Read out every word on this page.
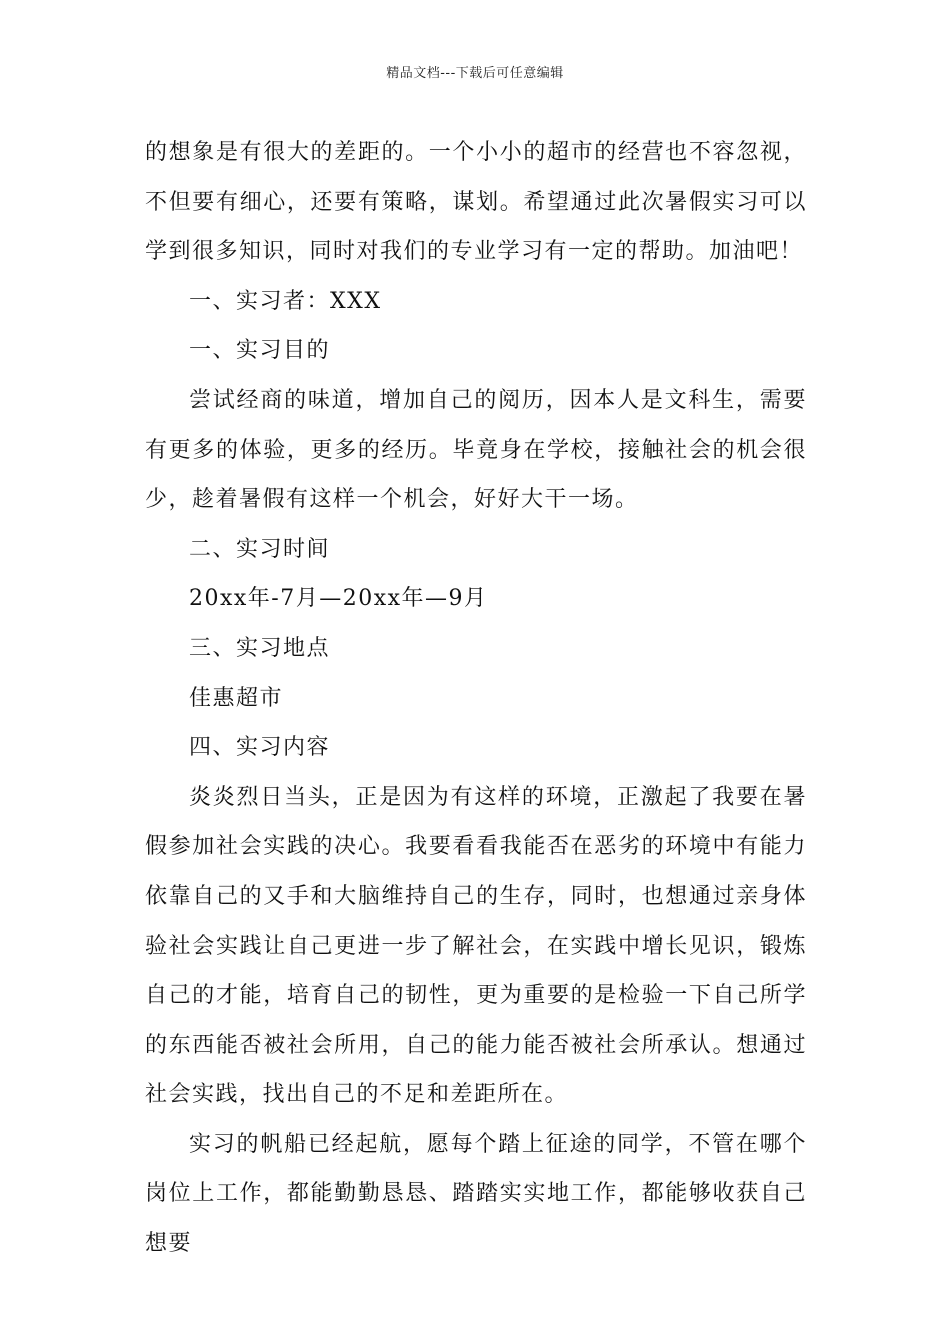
精品文档---下载后可任意编辑

的想象是有很大的差距的。一个小小的超市的经营也不容忽视，不但要有细心，还要有策略，谋划。希望通过此次暑假实习可以学到很多知识，同时对我们的专业学习有一定的帮助。加油吧！

一、实习者：XXX

一、实习目的

尝试经商的味道，增加自己的阅历，因本人是文科生，需要有更多的体验，更多的经历。毕竟身在学校，接触社会的机会很少，趁着暑假有这样一个机会，好好大干一场。

二、实习时间

20xx年-7月—20xx年—9月

三、实习地点

佳惠超市

四、实习内容

炎炎烈日当头，正是因为有这样的环境，正激起了我要在暑假参加社会实践的决心。我要看看我能否在恶劣的环境中有能力依靠自己的又手和大脑维持自己的生存，同时，也想通过亲身体验社会实践让自己更进一步了解社会，在实践中增长见识，锻炼自己的才能，培育自己的韧性，更为重要的是检验一下自己所学的东西能否被社会所用，自己的能力能否被社会所承认。想通过社会实践，找出自己的不足和差距所在。

实习的帆船已经起航，愿每个踏上征途的同学，不管在哪个岗位上工作，都能勤勤恳恳、踏踏实实地工作，都能够收获自己想要
